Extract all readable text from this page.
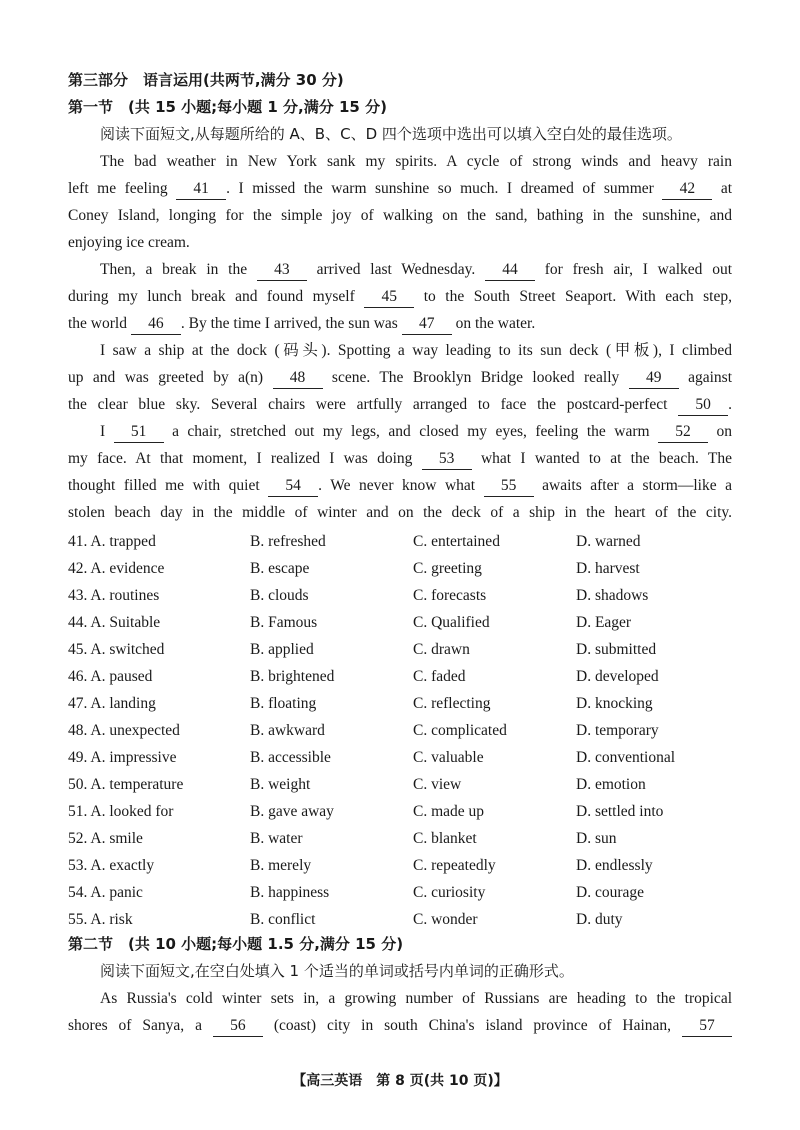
第三部分　语言运用(共两节,满分 30 分)
第一节　(共 15 小题;每小题 1 分,满分 15 分)
阅读下面短文,从每题所给的 A、B、C、D 四个选项中选出可以填入空白处的最佳选项。
The bad weather in New York sank my spirits. A cycle of strong winds and heavy rain
left me feeling 41 . I missed the warm sunshine so much. I dreamed of summer 42 at
Coney Island, longing for the simple joy of walking on the sand, bathing in the sunshine, and
enjoying ice cream.
Then, a break in the 43 arrived last Wednesday. 44 for fresh air, I walked out
during my lunch break and found myself 45 to the South Street Seaport. With each step,
the world 46 . By the time I arrived, the sun was 47 on the water.
I saw a ship at the dock (码头). Spotting a way leading to its sun deck (甲板), I climbed
up and was greeted by a(n) 48 scene. The Brooklyn Bridge looked really 49 against
the clear blue sky. Several chairs were artfully arranged to face the postcard-perfect 50 .
I 51 a chair, stretched out my legs, and closed my eyes, feeling the warm 52 on
my face. At that moment, I realized I was doing 53 what I wanted to at the beach. The
thought filled me with quiet 54 . We never know what 55 awaits after a storm—like a
stolen beach day in the middle of winter and on the deck of a ship in the heart of the city.
41. A. trapped	B. refreshed	C. entertained	D. warned
42. A. evidence	B. escape	C. greeting	D. harvest
43. A. routines	B. clouds	C. forecasts	D. shadows
44. A. Suitable	B. Famous	C. Qualified	D. Eager
45. A. switched	B. applied	C. drawn	D. submitted
46. A. paused	B. brightened	C. faded	D. developed
47. A. landing	B. floating	C. reflecting	D. knocking
48. A. unexpected	B. awkward	C. complicated	D. temporary
49. A. impressive	B. accessible	C. valuable	D. conventional
50. A. temperature	B. weight	C. view	D. emotion
51. A. looked for	B. gave away	C. made up	D. settled into
52. A. smile	B. water	C. blanket	D. sun
53. A. exactly	B. merely	C. repeatedly	D. endlessly
54. A. panic	B. happiness	C. curiosity	D. courage
55. A. risk	B. conflict	C. wonder	D. duty
第二节　(共 10 小题;每小题 1.5 分,满分 15 分)
阅读下面短文,在空白处填入 1 个适当的单词或括号内单词的正确形式。
As Russia's cold winter sets in, a growing number of Russians are heading to the tropical
shores of Sanya, a 56 (coast) city in south China's island province of Hainan, 57
【高三英语　第 8 页(共 10 页)】
